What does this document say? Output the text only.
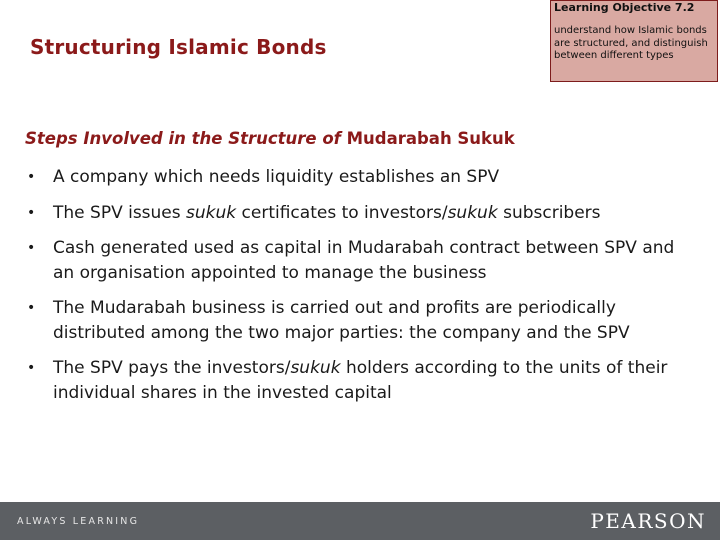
Structuring Islamic Bonds
Learning Objective 7.2
understand how Islamic bonds are structured, and distinguish between different types
Steps Involved in the Structure of Mudarabah Sukuk
• A company which needs liquidity establishes an SPV
• The SPV issues sukuk certificates to investors/sukuk subscribers
• Cash generated used as capital in Mudarabah contract between SPV and an organisation appointed to manage the business
• The Mudarabah business is carried out and profits are periodically distributed among the two major parties: the company and the SPV
• The SPV pays the investors/sukuk holders according to the units of their individual shares in the invested capital
ALWAYS LEARNING	PEARSON
